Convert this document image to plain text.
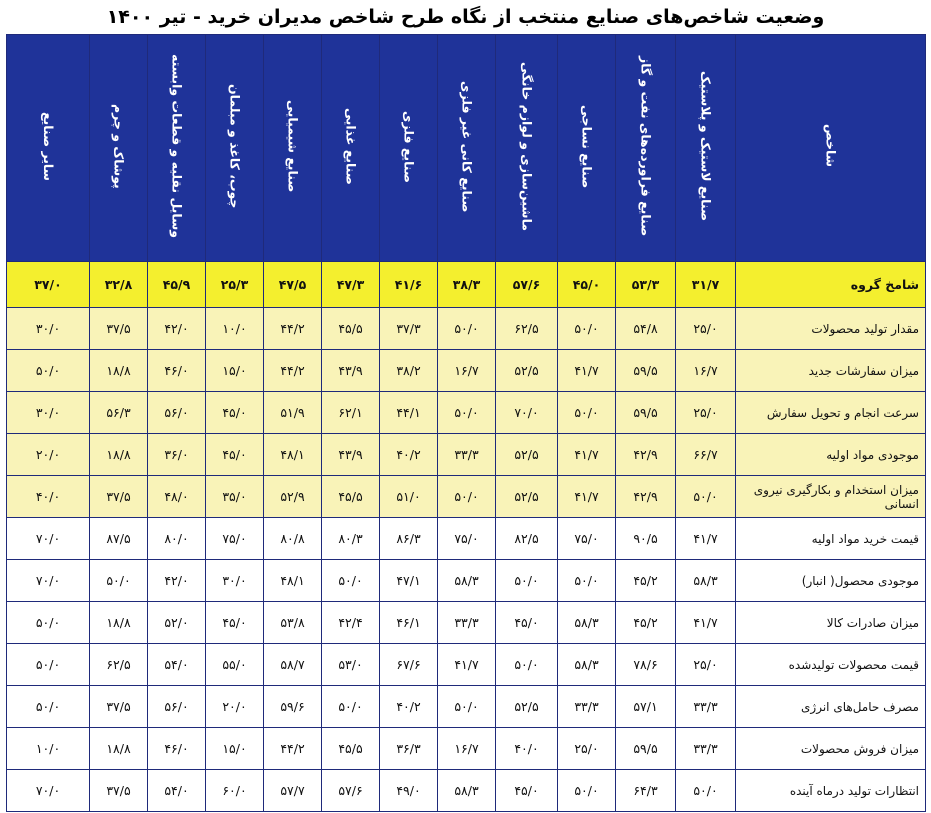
وضعیت شاخص‌های صنایع منتخب از نگاه طرح شاخص مدیران خرید - تیر ۱۴۰۰
شاخص	صنایع لاستیک و پلاستیک	صنایع فراورده‌های نفت و گاز	صنایع نساجی	ماشین‌سازی و لوازم خانگی	صنایع کانی غیر فلزی	صنایع فلزی	صنایع غذایی	صنایع شیمیایی	چوب، کاغذ و مبلمان	وسایل نقلیه و قطعات وابسته	پوشاک و چرم	سایر صنایع
شامخ گروه	۳۱/۷	۵۳/۳	۴۵/۰	۵۷/۶	۳۸/۳	۴۱/۶	۴۷/۳	۴۷/۵	۲۵/۳	۴۵/۹	۳۲/۸	۳۷/۰
مقدار تولید محصولات	۲۵/۰	۵۴/۸	۵۰/۰	۶۲/۵	۵۰/۰	۳۷/۳	۴۵/۵	۴۴/۲	۱۰/۰	۴۲/۰	۳۷/۵	۳۰/۰
میزان سفارشات جدید	۱۶/۷	۵۹/۵	۴۱/۷	۵۲/۵	۱۶/۷	۳۸/۲	۴۳/۹	۴۴/۲	۱۵/۰	۴۶/۰	۱۸/۸	۵۰/۰
سرعت انجام و تحویل سفارش	۲۵/۰	۵۹/۵	۵۰/۰	۷۰/۰	۵۰/۰	۴۴/۱	۶۲/۱	۵۱/۹	۴۵/۰	۵۶/۰	۵۶/۳	۳۰/۰
موجودی مواد اولیه	۶۶/۷	۴۲/۹	۴۱/۷	۵۲/۵	۳۳/۳	۴۰/۲	۴۳/۹	۴۸/۱	۴۵/۰	۳۶/۰	۱۸/۸	۲۰/۰
میزان استخدام و بکارگیری نیروی انسانی	۵۰/۰	۴۲/۹	۴۱/۷	۵۲/۵	۵۰/۰	۵۱/۰	۴۵/۵	۵۲/۹	۳۵/۰	۴۸/۰	۳۷/۵	۴۰/۰
قیمت خرید مواد اولیه	۴۱/۷	۹۰/۵	۷۵/۰	۸۲/۵	۷۵/۰	۸۶/۳	۸۰/۳	۸۰/۸	۷۵/۰	۸۰/۰	۸۷/۵	۷۰/۰
موجودی محصول( انبار)	۵۸/۳	۴۵/۲	۵۰/۰	۵۰/۰	۵۸/۳	۴۷/۱	۵۰/۰	۴۸/۱	۳۰/۰	۴۲/۰	۵۰/۰	۷۰/۰
میزان صادرات کالا	۴۱/۷	۴۵/۲	۵۸/۳	۴۵/۰	۳۳/۳	۴۶/۱	۴۲/۴	۵۳/۸	۴۵/۰	۵۲/۰	۱۸/۸	۵۰/۰
قیمت محصولات تولیدشده	۲۵/۰	۷۸/۶	۵۸/۳	۵۰/۰	۴۱/۷	۶۷/۶	۵۳/۰	۵۸/۷	۵۵/۰	۵۴/۰	۶۲/۵	۵۰/۰
مصرف حامل‌های انرژی	۳۳/۳	۵۷/۱	۳۳/۳	۵۲/۵	۵۰/۰	۴۰/۲	۵۰/۰	۵۹/۶	۲۰/۰	۵۶/۰	۳۷/۵	۵۰/۰
میزان فروش محصولات	۳۳/۳	۵۹/۵	۲۵/۰	۴۰/۰	۱۶/۷	۳۶/۳	۴۵/۵	۴۴/۲	۱۵/۰	۴۶/۰	۱۸/۸	۱۰/۰
انتظارات تولید درماه آینده	۵۰/۰	۶۴/۳	۵۰/۰	۴۵/۰	۵۸/۳	۴۹/۰	۵۷/۶	۵۷/۷	۶۰/۰	۵۴/۰	۳۷/۵	۷۰/۰
